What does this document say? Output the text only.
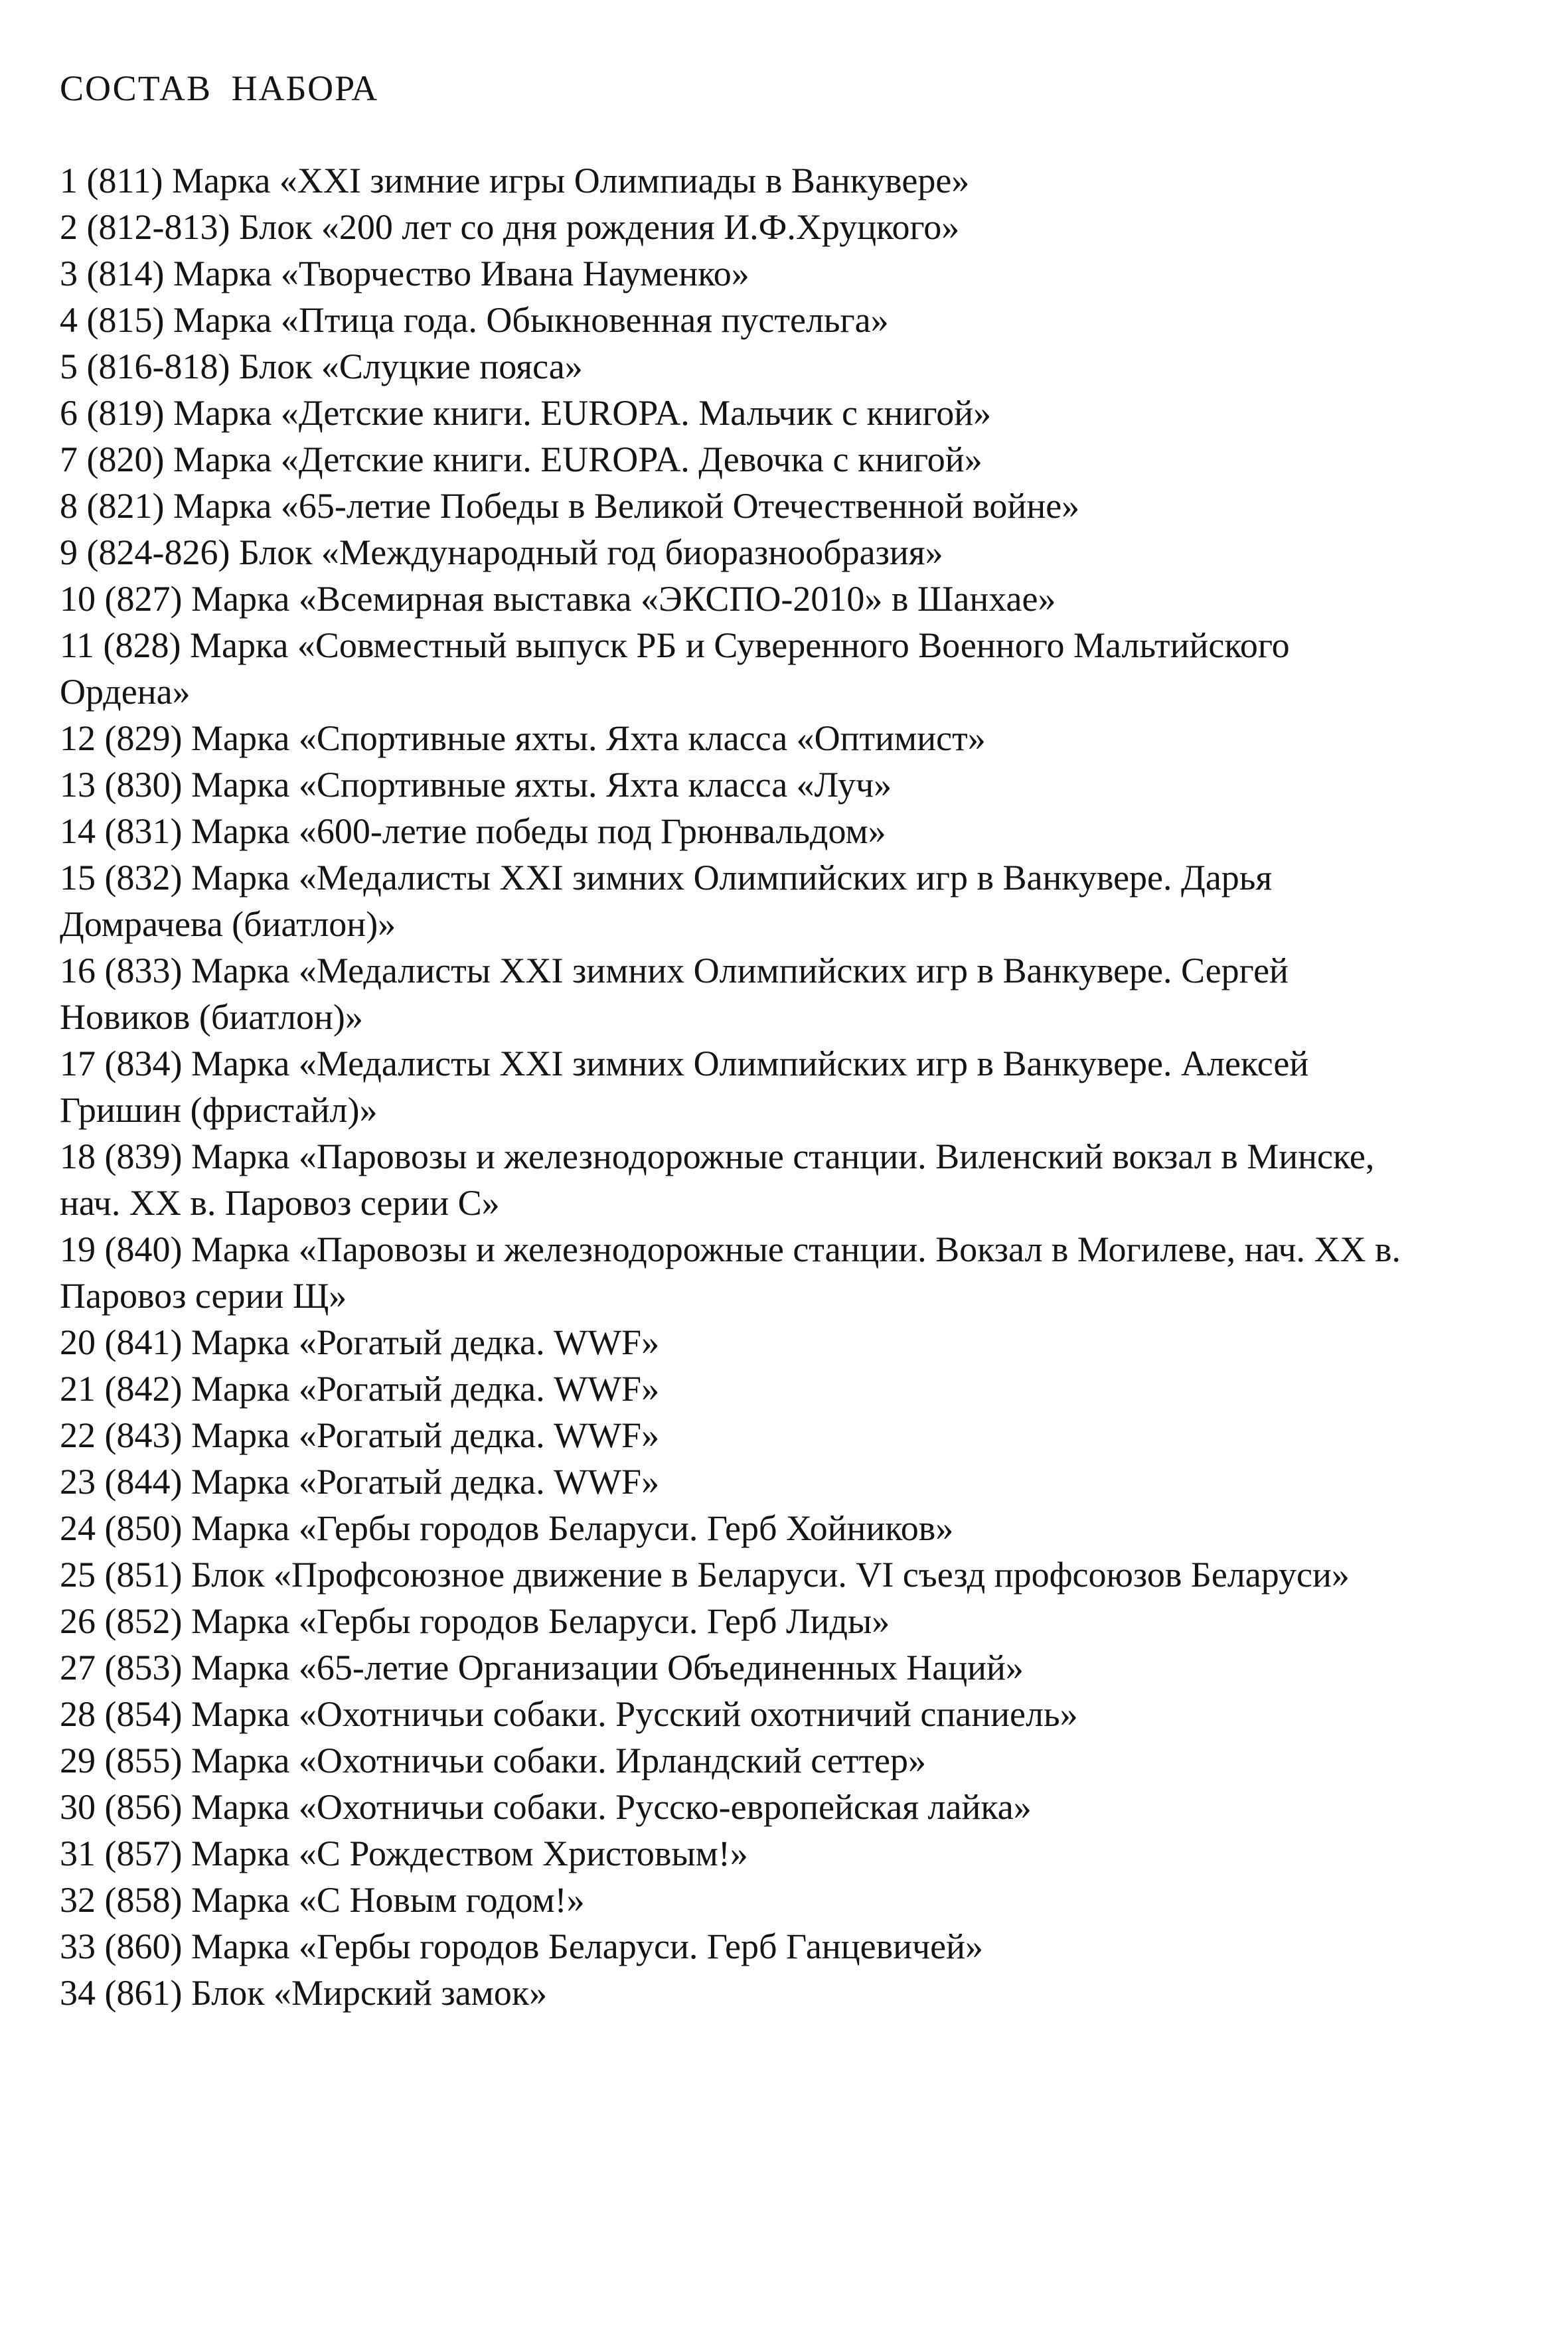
СОСТАВ НАБОРА
1 (811) Марка «XXI зимние игры Олимпиады в Ванкувере»
2 (812-813) Блок «200 лет со дня рождения И.Ф.Хруцкого»
3 (814) Марка «Творчество Ивана Науменко»
4 (815) Марка «Птица года. Обыкновенная пустельга»
5 (816-818) Блок «Слуцкие пояса»
6 (819) Марка «Детские книги. EUROPA. Мальчик с книгой»
7 (820) Марка «Детские книги. EUROPA. Девочка с книгой»
8 (821) Марка «65-летие Победы в Великой Отечественной войне»
9 (824-826) Блок «Международный год биоразнообразия»
10 (827) Марка «Всемирная выставка «ЭКСПО-2010» в Шанхае»
11 (828) Марка «Совместный выпуск РБ и Суверенного Военного Мальтийского
Ордена»
12 (829) Марка «Спортивные яхты. Яхта класса «Оптимист»
13 (830) Марка «Спортивные яхты. Яхта класса «Луч»
14 (831) Марка «600-летие победы под Грюнвальдом»
15 (832) Марка «Медалисты XXI зимних Олимпийских игр в Ванкувере. Дарья
Домрачева (биатлон)»
16 (833) Марка «Медалисты XXI зимних Олимпийских игр в Ванкувере. Сергей
Новиков (биатлон)»
17 (834) Марка «Медалисты XXI зимних Олимпийских игр в Ванкувере. Алексей
Гришин (фристайл)»
18 (839) Марка «Паровозы и железнодорожные станции. Виленский вокзал в Минске,
нач. XX в. Паровоз серии С»
19 (840) Марка «Паровозы и железнодорожные станции. Вокзал в Могилеве, нач. XX в.
Паровоз серии Щ»
20 (841) Марка «Рогатый дедка. WWF»
21 (842) Марка «Рогатый дедка. WWF»
22 (843) Марка «Рогатый дедка. WWF»
23 (844) Марка «Рогатый дедка. WWF»
24 (850) Марка «Гербы городов Беларуси. Герб Хойников»
25 (851) Блок «Профсоюзное движение в Беларуси. VI съезд профсоюзов Беларуси»
26 (852) Марка «Гербы городов Беларуси. Герб Лиды»
27 (853) Марка «65-летие Организации Объединенных Наций»
28 (854) Марка «Охотничьи собаки. Русский охотничий спаниель»
29 (855) Марка «Охотничьи собаки. Ирландский сеттер»
30 (856) Марка «Охотничьи собаки. Русско-европейская лайка»
31 (857) Марка «С Рождеством Христовым!»
32 (858) Марка «С Новым годом!»
33 (860) Марка «Гербы городов Беларуси. Герб Ганцевичей»
34 (861) Блок «Мирский замок»
